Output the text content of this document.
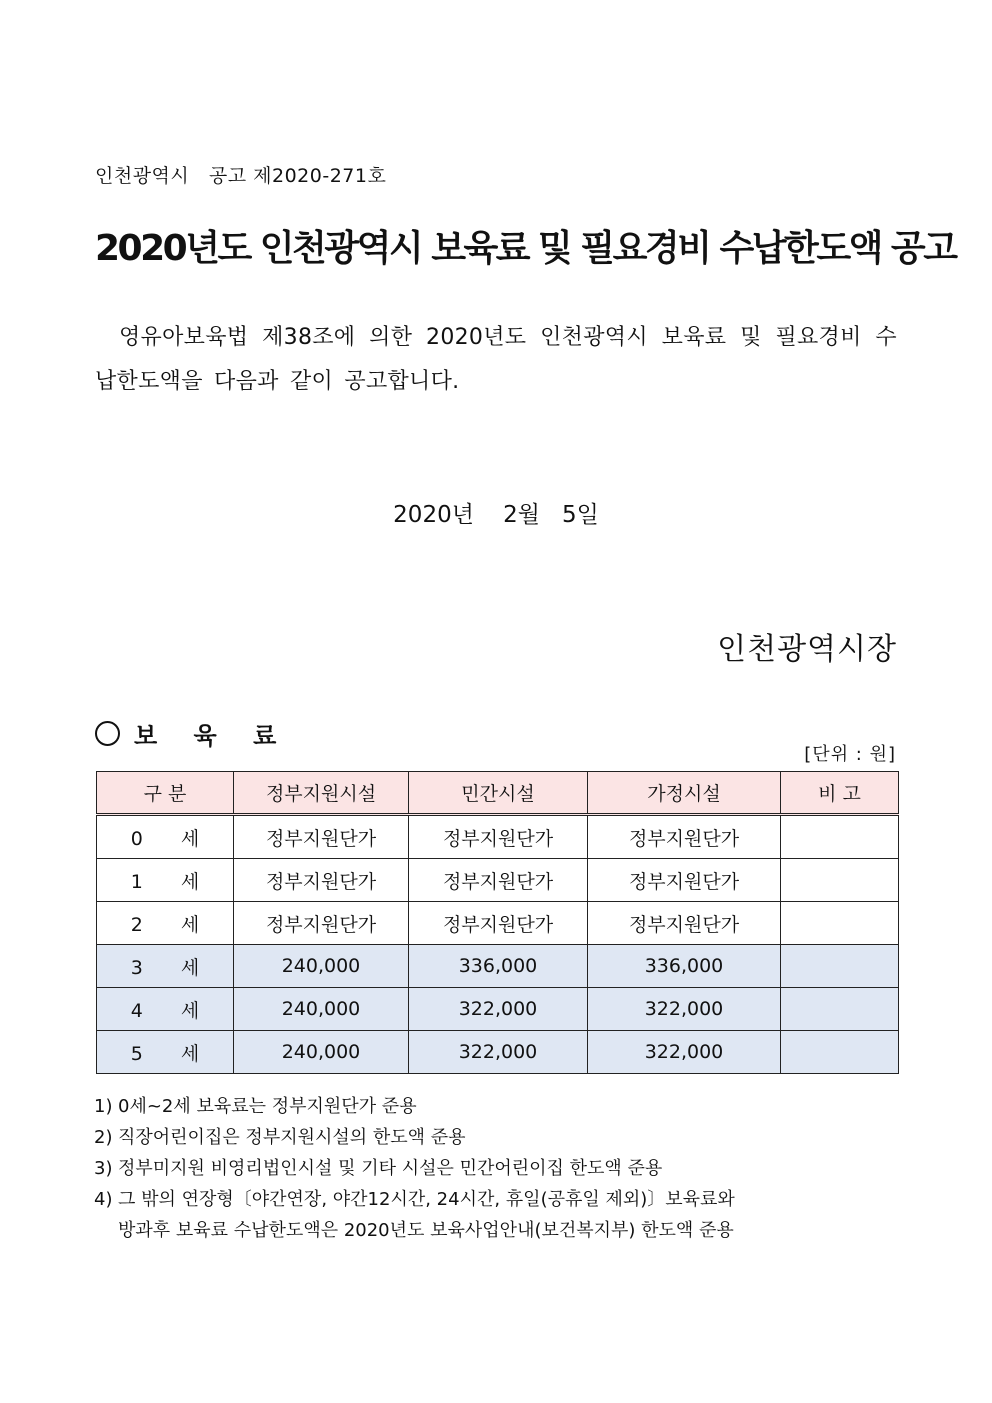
인천광역시   공고 제2020-271호
2020년도 인천광역시 보육료 및 필요경비 수납한도액 공고
영유아보육법 제38조에 의한 2020년도 인천광역시 보육료 및 필요경비 수납한도액을 다음과 같이 공고합니다.
2020년    2월   5일
인천광역시장
보 육 료
[단위 : 원]
구 분	정부지원시설	민간시설	가정시설	비 고
0 세	정부지원단가	정부지원단가	정부지원단가	
1 세	정부지원단가	정부지원단가	정부지원단가	
2 세	정부지원단가	정부지원단가	정부지원단가	
3 세	240,000	336,000	336,000	
4 세	240,000	322,000	322,000	
5 세	240,000	322,000	322,000	
1) 0세~2세 보육료는 정부지원단가 준용
2) 직장어린이집은 정부지원시설의 한도액 준용
3) 정부미지원 비영리법인시설 및 기타 시설은 민간어린이집 한도액 준용
4) 그 밖의 연장형〔야간연장, 야간12시간, 24시간, 휴일(공휴일 제외)〕보육료와
방과후 보육료 수납한도액은 2020년도 보육사업안내(보건복지부) 한도액 준용
